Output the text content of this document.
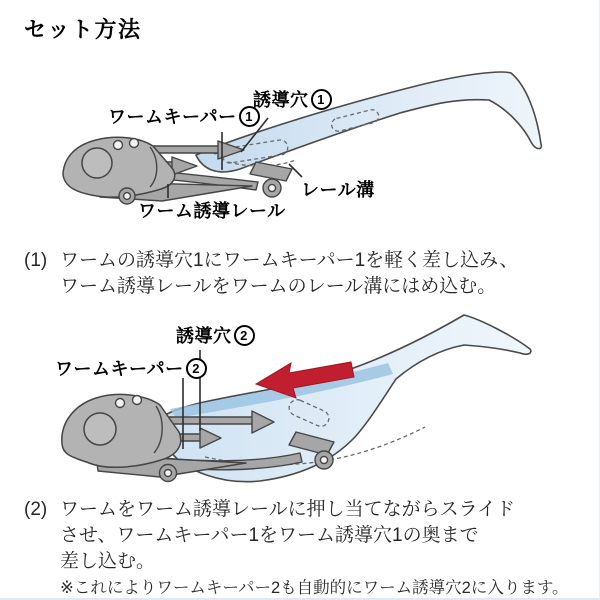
セット方法
ワームキーパー 1
誘導穴 1
レール溝
ワーム誘導レール
(1) ワームの誘導穴1にワームキーパー1を軽く差し込み、
ワーム誘導レールをワームのレール溝にはめ込む。
誘導穴 2
ワームキーパー 2
(2) ワームをワーム誘導レールに押し当てながらスライド
させ、ワームキーパー1をワーム誘導穴1の奥まで
差し込む。
※これによりワームキーパー2も自動的にワーム誘導穴2に入ります。
